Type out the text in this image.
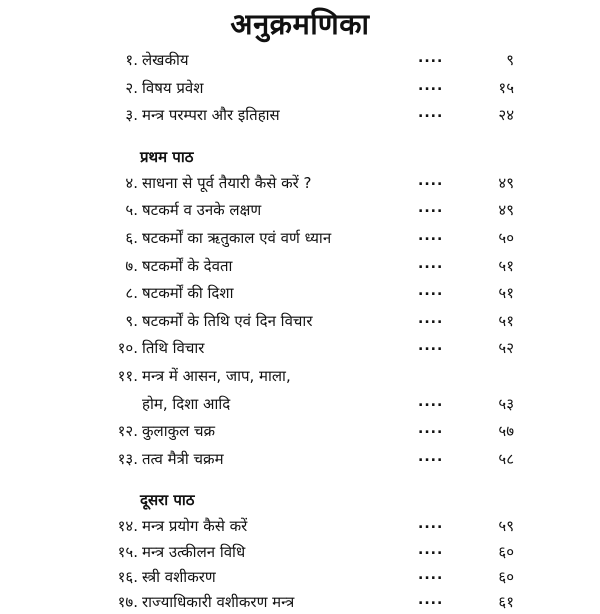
अनुक्रमणिका
१. लेखकीय	....	९
२. विषय प्रवेश	....	१५
३. मन्त्र परम्परा और इतिहास	....	२४
प्रथम पाठ
४. साधना से पूर्व तैयारी कैसे करें ?	....	४९
५. षटकर्म व उनके लक्षण	....	४९
६. षटकर्मों का ऋतुकाल एवं वर्ण ध्यान	....	५०
७. षटकर्मों के देवता	....	५१
८. षटकर्मों की दिशा	....	५१
९. षटकर्मों के तिथि एवं दिन विचार	....	५१
१०. तिथि विचार	....	५२
११. मन्त्र में आसन, जाप, माला,
होम, दिशा आदि	....	५३
१२. कुलाकुल चक्र	....	५७
१३. तत्व मैत्री चक्रम	....	५८
दूसरा पाठ
१४. मन्त्र प्रयोग कैसे करें	....	५९
१५. मन्त्र उत्कीलन विधि	....	६०
१६. स्त्री वशीकरण	....	६०
१७. राज्याधिकारी वशीकरण मन्त्र	....	६१
